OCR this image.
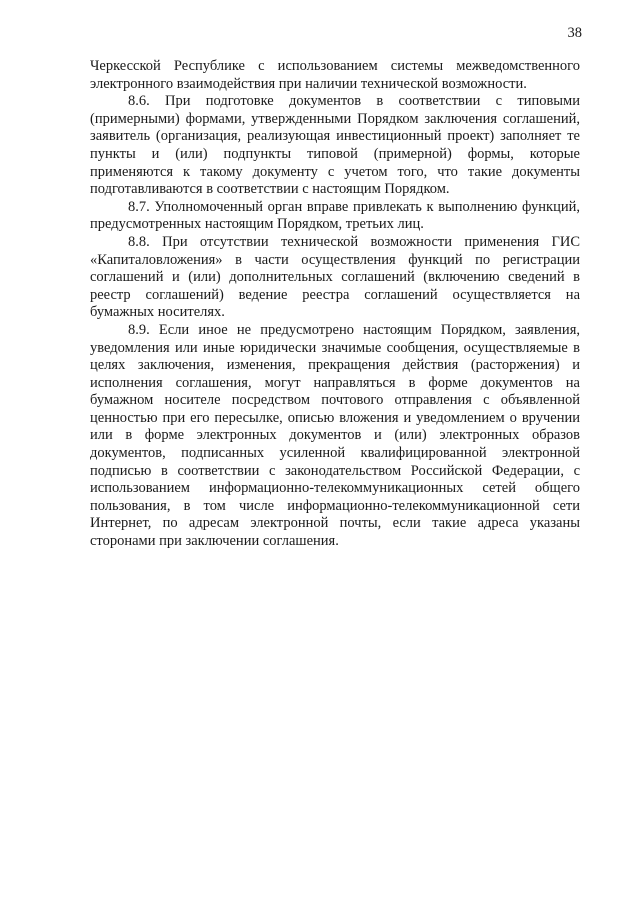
38

Черкесской Республике с использованием системы межведомственного электронного взаимодействия при наличии технической возможности.

8.6. При подготовке документов в соответствии с типовыми (примерными) формами, утвержденными Порядком заключения соглашений, заявитель (организация, реализующая инвестиционный проект) заполняет те пункты и (или) подпункты типовой (примерной) формы, которые применяются к такому документу с учетом того, что такие документы подготавливаются в соответствии с настоящим Порядком.

8.7. Уполномоченный орган вправе привлекать к выполнению функций, предусмотренных настоящим Порядком, третьих лиц.

8.8. При отсутствии технической возможности применения ГИС «Капиталовложения» в части осуществления функций по регистрации соглашений и (или) дополнительных соглашений (включению сведений в реестр соглашений) ведение реестра соглашений осуществляется на бумажных носителях.

8.9. Если иное не предусмотрено настоящим Порядком, заявления, уведомления или иные юридически значимые сообщения, осуществляемые в целях заключения, изменения, прекращения действия (расторжения) и исполнения соглашения, могут направляться в форме документов на бумажном носителе посредством почтового отправления с объявленной ценностью при его пересылке, описью вложения и уведомлением о вручении или в форме электронных документов и (или) электронных образов документов, подписанных усиленной квалифицированной электронной подписью в соответствии с законодательством Российской Федерации, с использованием информационно-телекоммуникационных сетей общего пользования, в том числе информационно-телекоммуникационной сети Интернет, по адресам электронной почты, если такие адреса указаны сторонами при заключении соглашения.
